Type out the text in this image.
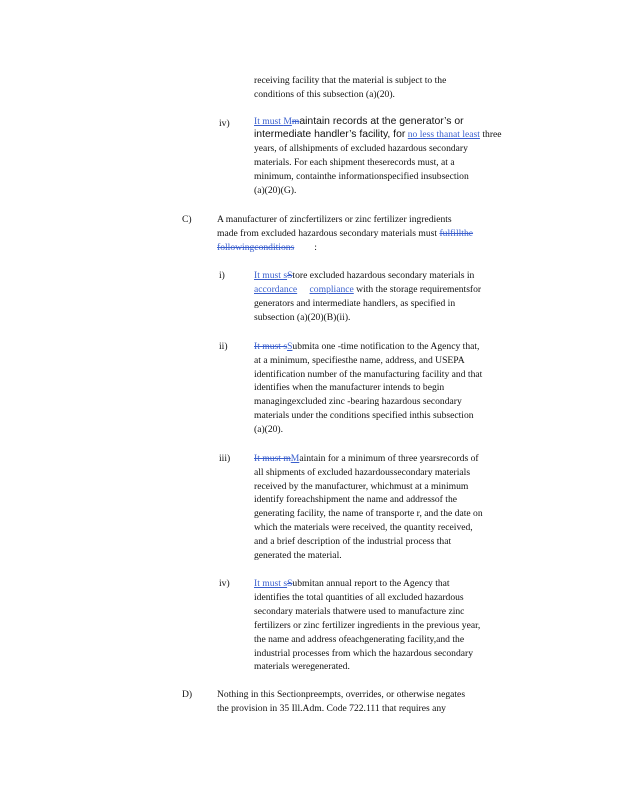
receiving facility that the material is subject to the
conditions of this subsection (a)(20).
iv)	It must Mmaintain records at the generator’s or
intermediate handler’s facility, for no less thanat least three
years, of allshipments of excluded hazardous secondary
materials. For each shipment theserecords must, at a
minimum, containthe informationspecified insubsection
(a)(20)(G).
C)	A manufacturer of zincfertilizers or zinc fertilizer ingredients
made from excluded hazardous secondary materials must fulfillthe
followingconditions :
i)	It must sStore excluded hazardous secondary materials in
accordance compliance with the storage requirementsfor
generators and intermediate handlers, as specified in
subsection (a)(20)(B)(ii).
ii)	It must sSubmita one -time notification to the Agency that,
at a minimum, specifiesthe name, address, and USEPA
identification number of the manufacturing facility and that
identifies when the manufacturer intends to begin
managingexcluded zinc -bearing hazardous secondary
materials under the conditions specified inthis subsection
(a)(20).
iii) It must mMaintain for a minimum of three yearsrecords of
all shipments of excluded hazardoussecondary materials
received by the manufacturer, whichmust at a minimum
identify foreachshipment the name and addressof the
generating facility, the name of transporte r, and the date on
which the materials were received, the quantity received,
and a brief description of the industrial process that
generated the material.
iv)	It must sSubmitan annual report to the Agency that
identifies the total quantities of all excluded hazardous
secondary materials thatwere used to manufacture zinc
fertilizers or zinc fertilizer ingredients in the previous year,
the name and address ofeachgenerating facility,and the
industrial processes from which the hazardous secondary
materials weregenerated.
D)	Nothing in this Sectionpreempts, overrides, or otherwise negates
the provision in 35 Ill.Adm. Code 722.111 that requires any
